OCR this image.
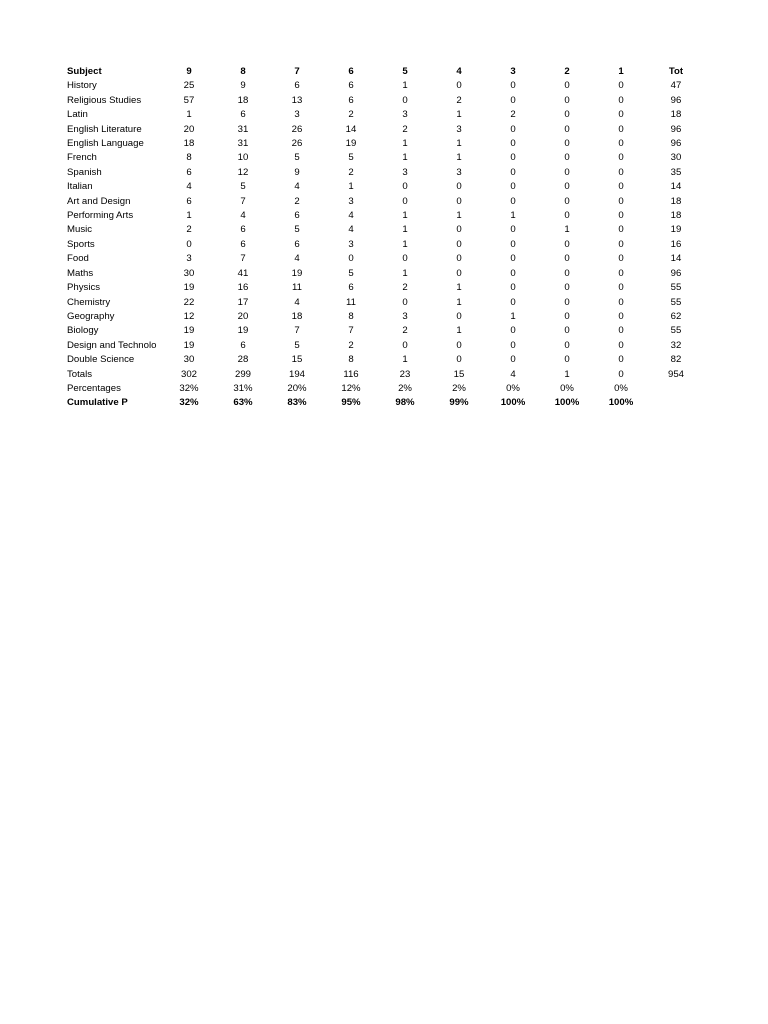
Subject	9	8	7	6	5	4	3	2	1	Tot
History	25	9	6	6	1	0	0	0	0	47
Religious Studies	57	18	13	6	0	2	0	0	0	96
Latin	1	6	3	2	3	1	2	0	0	18
English Literature	20	31	26	14	2	3	0	0	0	96
English Language	18	31	26	19	1	1	0	0	0	96
French	8	10	5	5	1	1	0	0	0	30
Spanish	6	12	9	2	3	3	0	0	0	35
Italian	4	5	4	1	0	0	0	0	0	14
Art and Design	6	7	2	3	0	0	0	0	0	18
Performing Arts	1	4	6	4	1	1	1	0	0	18
Music	2	6	5	4	1	0	0	1	0	19
Sports	0	6	6	3	1	0	0	0	0	16
Food	3	7	4	0	0	0	0	0	0	14
Maths	30	41	19	5	1	0	0	0	0	96
Physics	19	16	11	6	2	1	0	0	0	55
Chemistry	22	17	4	11	0	1	0	0	0	55
Geography	12	20	18	8	3	0	1	0	0	62
Biology	19	19	7	7	2	1	0	0	0	55
Design and Technolo	19	6	5	2	0	0	0	0	0	32
Double Science	30	28	15	8	1	0	0	0	0	82
Totals	302	299	194	116	23	15	4	1	0	954
Percentages	32%	31%	20%	12%	2%	2%	0%	0%	0%	
Cumulative P	32%	63%	83%	95%	98%	99%	100%	100%	100%	
